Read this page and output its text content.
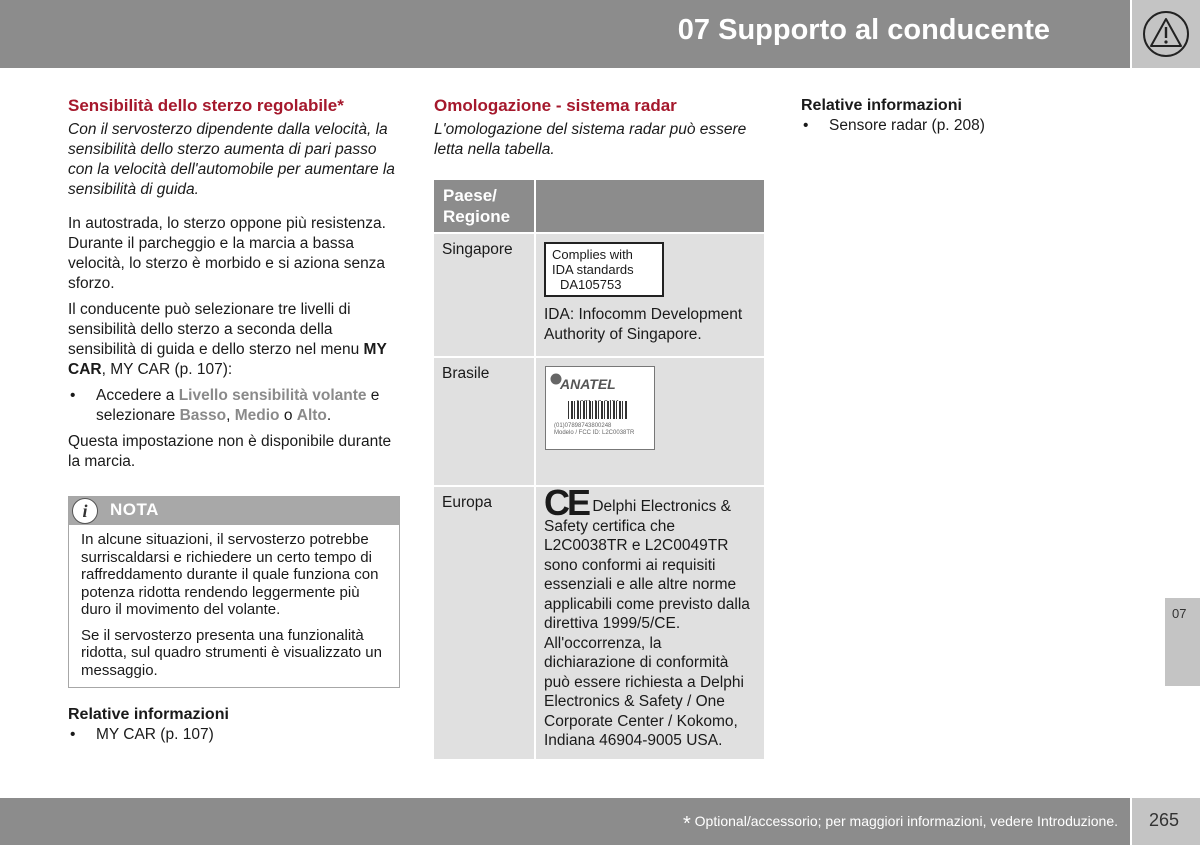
07 Supporto al conducente
Sensibilità dello sterzo regolabile*

Con il servosterzo dipendente dalla velocità, la sensibilità dello sterzo aumenta di pari passo con la velocità dell'automobile per aumentare la sensibilità di guida.

In autostrada, lo sterzo oppone più resistenza. Durante il parcheggio e la marcia a bassa velocità, lo sterzo è morbido e si aziona senza sforzo.

Il conducente può selezionare tre livelli di sensibilità dello sterzo a seconda della sensibilità di guida e dello sterzo nel menu MY CAR, MY CAR (p. 107):

• Accedere a Livello sensibilità volante e selezionare Basso, Medio o Alto.

Questa impostazione non è disponibile durante la marcia.

i	NOTA

In alcune situazioni, il servosterzo potrebbe surriscaldarsi e richiedere un certo tempo di raffreddamento durante il quale funziona con potenza ridotta rendendo leggermente più duro il movimento del volante.

Se il servosterzo presenta una funzionalità ridotta, sul quadro strumenti è visualizzato un messaggio.

Relative informazioni
• MY CAR (p. 107)
Omologazione - sistema radar

L'omologazione del sistema radar può essere letta nella tabella.

Paese/ Regione	
Singapore	Complies with
IDA standards
DA105753

IDA: Infocomm Development Authority of Singapore.

Brasile	ANATEL
(01)07898743800248
Modelo / FCC ID: L2C0038TR

Europa	CE Delphi Electronics & Safety certifica che L2C0038TR e L2C0049TR sono conformi ai requisiti essenziali e alle altre norme applicabili come previsto dalla direttiva 1999/5/CE. All'occorrenza, la dichiarazione di conformità può essere richiesta a Delphi Electronics & Safety / One Corporate Center / Kokomo, Indiana 46904-9005 USA.
Relative informazioni
• Sensore radar (p. 208)
07
* Optional/accessorio; per maggiori informazioni, vedere Introduzione. 265
